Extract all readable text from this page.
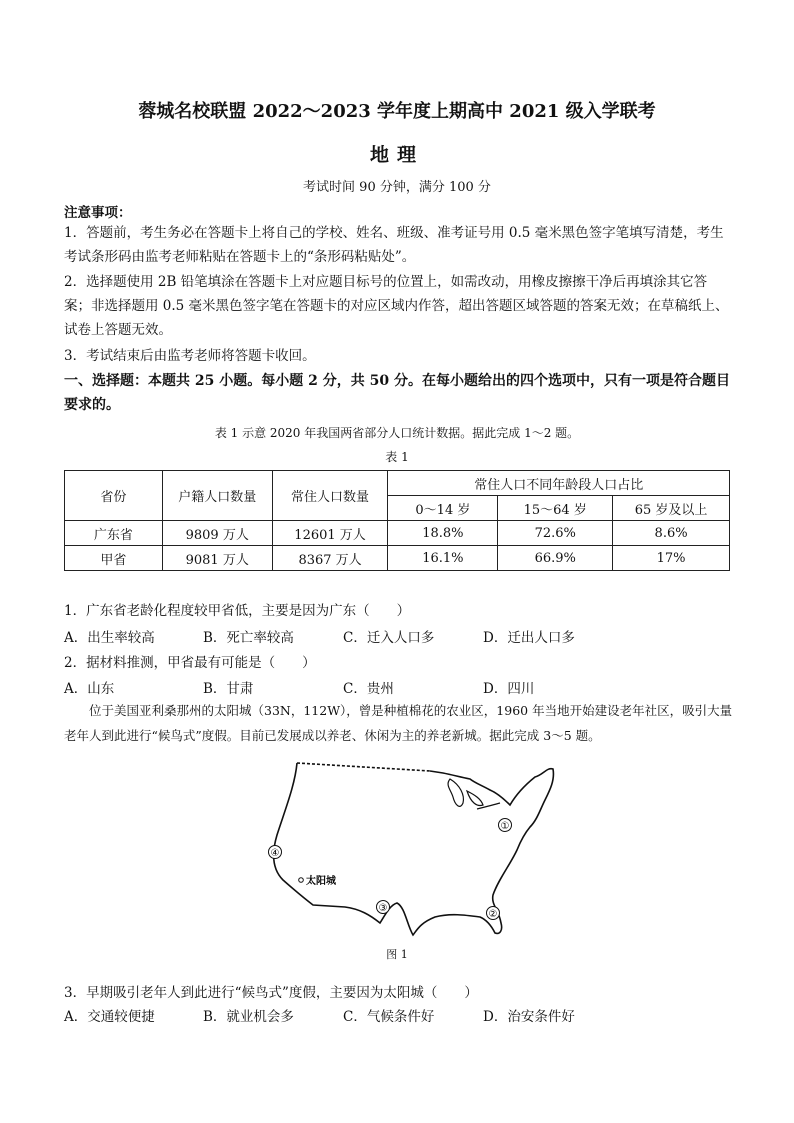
蓉城名校联盟 2022～2023 学年度上期高中 2021 级入学联考
地理
考试时间 90 分钟，满分 100 分
注意事项：
1．答题前，考生务必在答题卡上将自己的学校、姓名、班级、准考证号用 0.5 毫米黑色签字笔填写清楚，考生考试条形码由监考老师粘贴在答题卡上的“条形码粘贴处”。
2．选择题使用 2B 铅笔填涂在答题卡上对应题目标号的位置上，如需改动，用橡皮擦擦干净后再填涂其它答案；非选择题用 0.5 毫米黑色签字笔在答题卡的对应区域内作答，超出答题区域答题的答案无效；在草稿纸上、试卷上答题无效。
3．考试结束后由监考老师将答题卡收回。
一、选择题：本题共 25 小题。每小题 2 分，共 50 分。在每小题给出的四个选项中，只有一项是符合题目要求的。
表 1 示意 2020 年我国两省部分人口统计数据。据此完成 1～2 题。
表 1
省份	户籍人口数量	常住人口数量	常住人口不同年龄段人口占比		
			0～14 岁	15～64 岁	65 岁及以上
广东省	9809 万人	12601 万人	18.8%	72.6%	8.6%
甲省	9081 万人	8367 万人	16.1%	66.9%	17%
1．广东省老龄化程度较甲省低，主要是因为广东（　　）
A．出生率较高	B．死亡率较高	C．迁入人口多	D．迁出人口多
2．据材料推测，甲省最有可能是（　　）
A．山东	B．甘肃	C．贵州	D．四川
位于美国亚利桑那州的太阳城（33N，112W），曾是种植棉花的农业区，1960 年当地开始建设老年社区，吸引大量老年人到此进行“候鸟式”度假。目前已发展成以养老、休闲为主的养老新城。据此完成 3～5 题。
①
②
③
④
太阳城
图 1
3．早期吸引老年人到此进行“候鸟式”度假，主要因为太阳城（　　）
A．交通较便捷	B．就业机会多	C．气候条件好	D．治安条件好
